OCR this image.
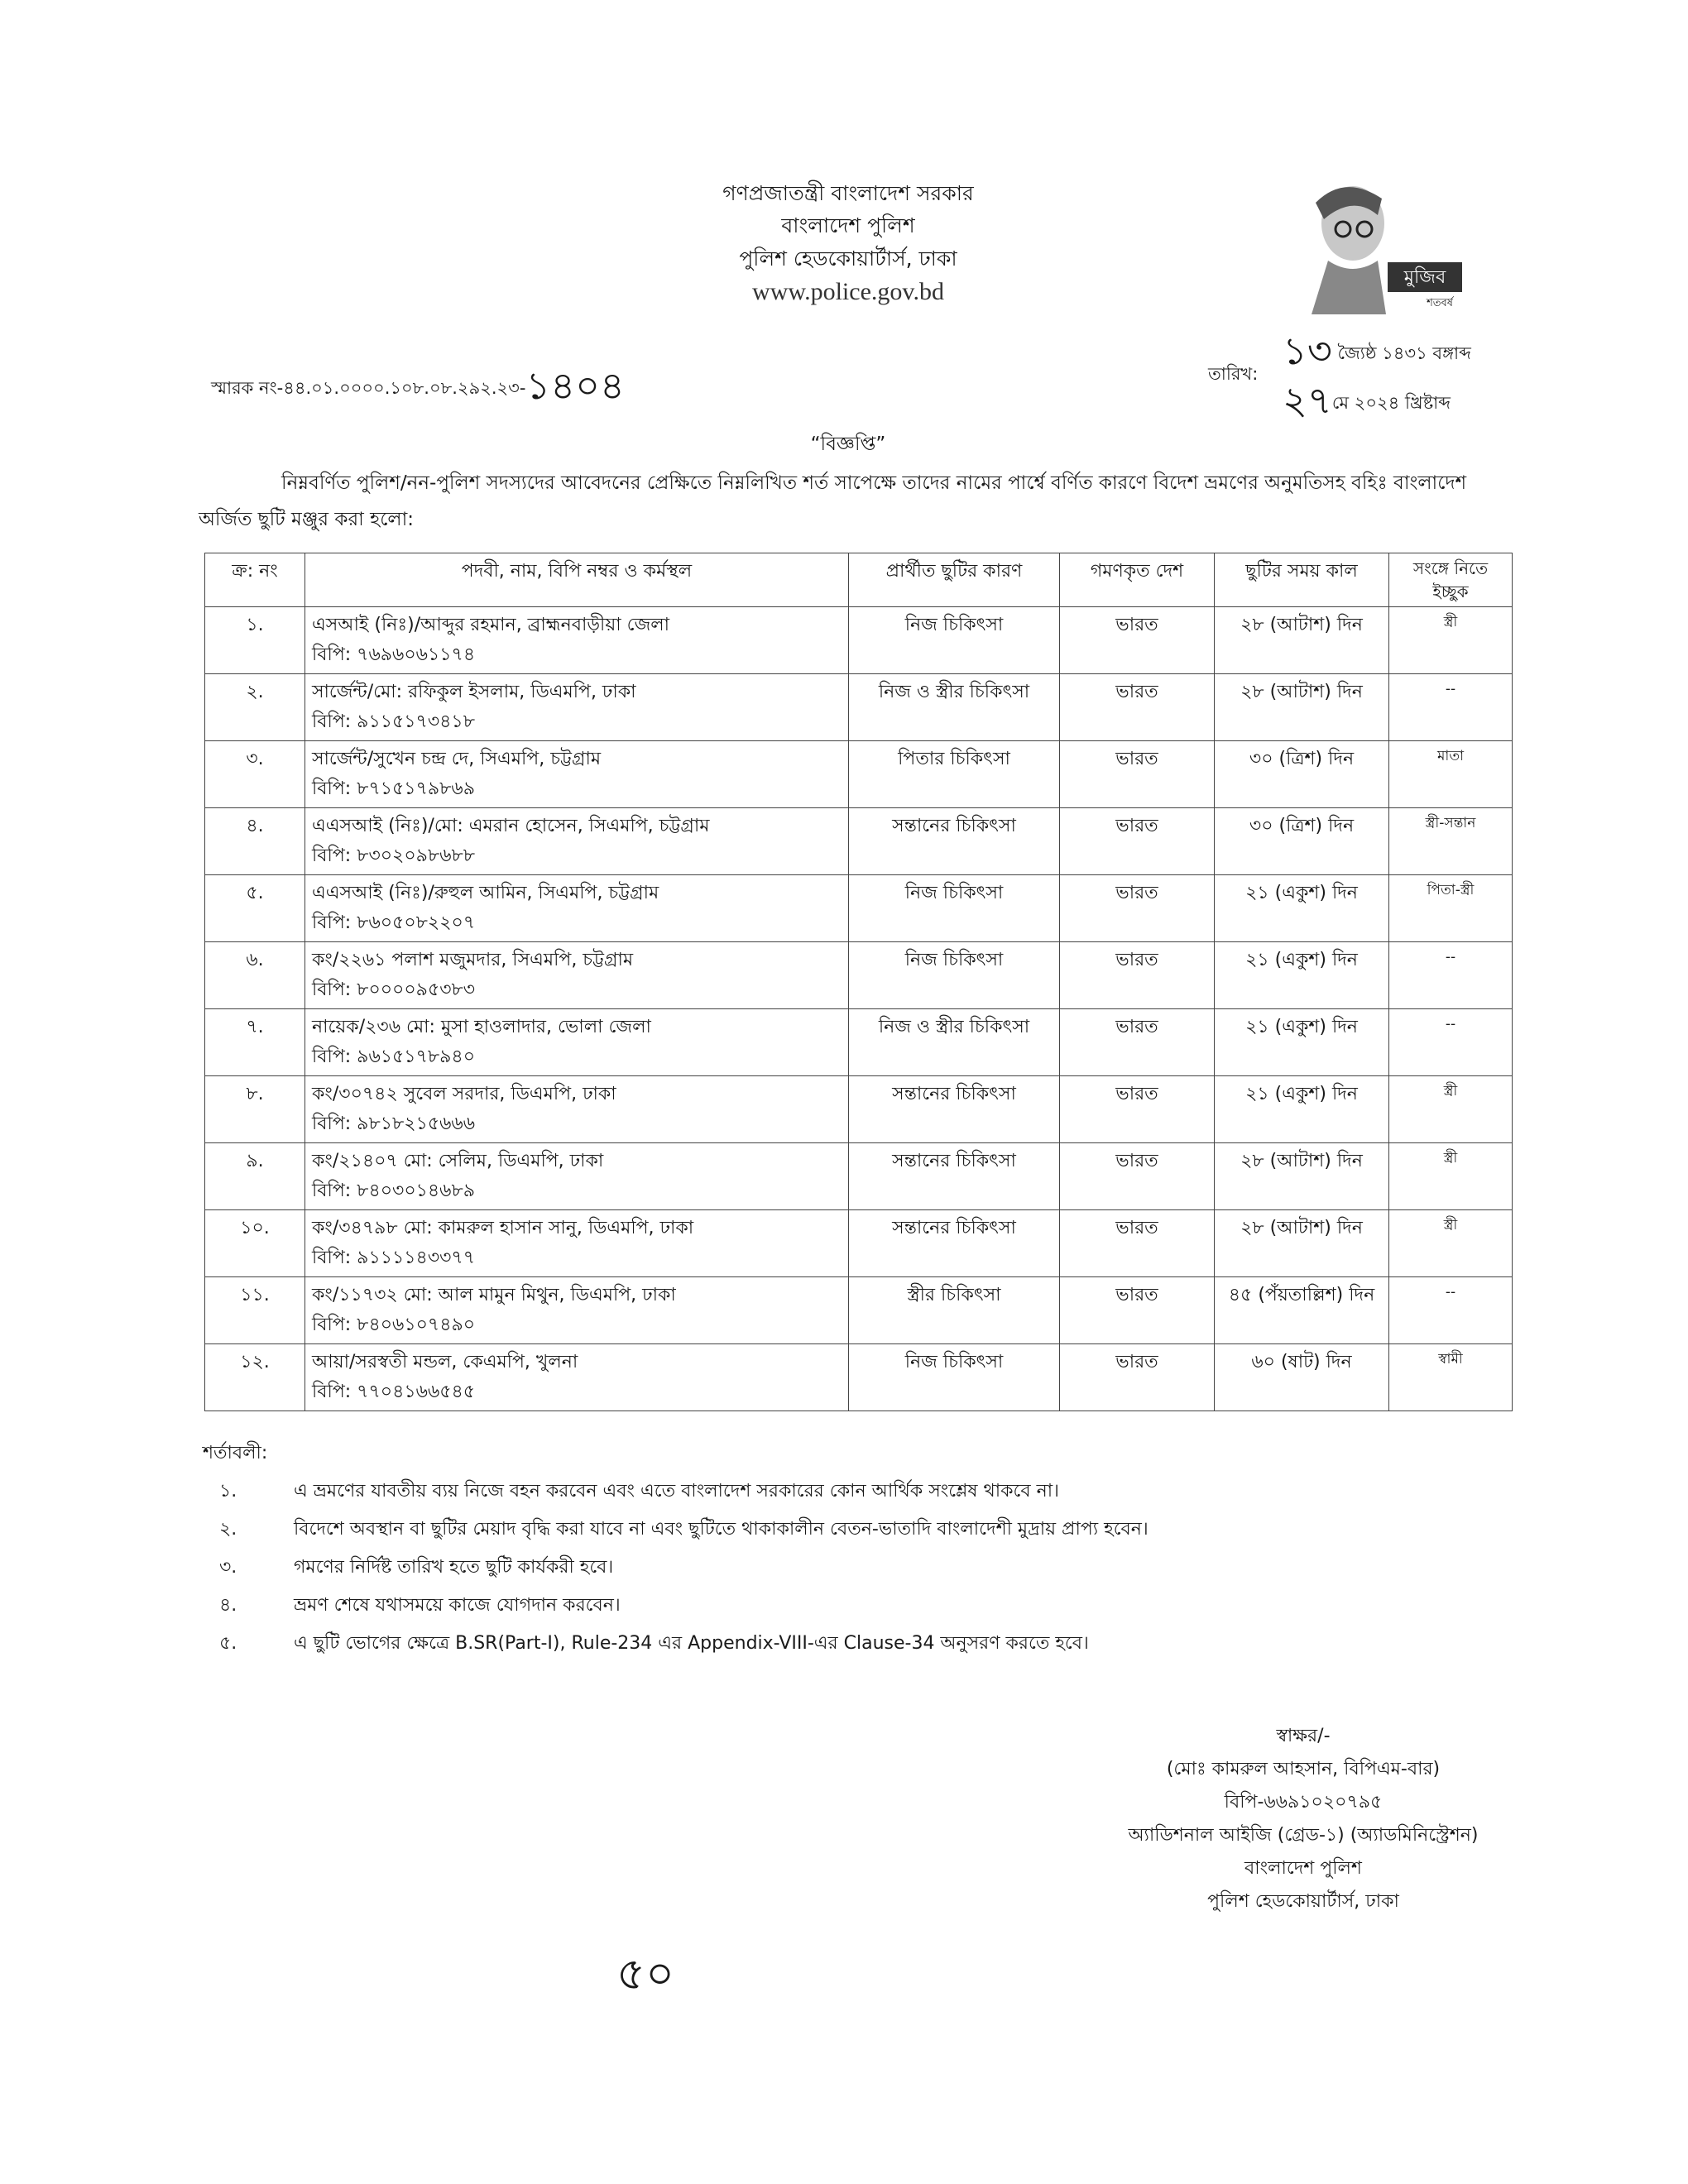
গণপ্রজাতন্ত্রী বাংলাদেশ সরকার
বাংলাদেশ পুলিশ
পুলিশ হেডকোয়ার্টার্স, ঢাকা
www.police.gov.bd
মুজিব
শতবর্ষ
স্মারক নং-৪৪.০১.০০০০.১০৮.০৮.২৯২.২৩-১৪০৪	তারিখ:
১৩ জ্যৈষ্ঠ ১৪৩১ বঙ্গাব্দ
২৭মে ২০২৪ খ্রিষ্টাব্দ
“বিজ্ঞপ্তি”
নিম্নবর্ণিত পুলিশ/নন-পুলিশ সদস্যদের আবেদনের প্রেক্ষিতে নিম্নলিখিত শর্ত সাপেক্ষে তাদের নামের পার্শ্বে বর্ণিত কারণে বিদেশ ভ্রমণের অনুমতিসহ বহিঃ বাংলাদেশ অর্জিত ছুটি মঞ্জুর করা হলো:
ক্র: নং	পদবী, নাম, বিপি নম্বর ও কর্মস্থল	প্রার্থীত ছুটির কারণ	গমণকৃত দেশ	ছুটির সময় কাল	সংঙ্গে নিতে ইচ্ছুক
১.	এসআই (নিঃ)/আব্দুর রহমান, ব্রাহ্মনবাড়ীয়া জেলা
বিপি: ৭৬৯৬০৬১১৭৪	নিজ চিকিৎসা	ভারত	২৮ (আটাশ) দিন	স্ত্রী
২.	সার্জেন্ট/মো: রফিকুল ইসলাম, ডিএমপি, ঢাকা
বিপি: ৯১১৫১৭৩৪১৮	নিজ ও স্ত্রীর চিকিৎসা	ভারত	২৮ (আটাশ) দিন	--
৩.	সার্জেন্ট/সুখেন চন্দ্র দে, সিএমপি, চট্টগ্রাম
বিপি: ৮৭১৫১৭৯৮৬৯	পিতার চিকিৎসা	ভারত	৩০ (ত্রিশ) দিন	মাতা
৪.	এএসআই (নিঃ)/মো: এমরান হোসেন, সিএমপি, চট্টগ্রাম
বিপি: ৮৩০২০৯৮৬৮৮	সন্তানের চিকিৎসা	ভারত	৩০ (ত্রিশ) দিন	স্ত্রী-সন্তান
৫.	এএসআই (নিঃ)/রুহুল আমিন, সিএমপি, চট্টগ্রাম
বিপি: ৮৬০৫০৮২২০৭	নিজ চিকিৎসা	ভারত	২১ (একুশ) দিন	পিতা-স্ত্রী
৬.	কং/২২৬১ পলাশ মজুমদার, সিএমপি, চট্টগ্রাম
বিপি: ৮০০০০৯৫৩৮৩	নিজ চিকিৎসা	ভারত	২১ (একুশ) দিন	--
৭.	নায়েক/২৩৬ মো: মুসা হাওলাদার, ভোলা জেলা
বিপি: ৯৬১৫১৭৮৯৪০	নিজ ও স্ত্রীর চিকিৎসা	ভারত	২১ (একুশ) দিন	--
৮.	কং/৩০৭৪২ সুবেল সরদার, ডিএমপি, ঢাকা
বিপি: ৯৮১৮২১৫৬৬৬	সন্তানের চিকিৎসা	ভারত	২১ (একুশ) দিন	স্ত্রী
৯.	কং/২১৪০৭ মো: সেলিম, ডিএমপি, ঢাকা
বিপি: ৮৪০৩০১৪৬৮৯	সন্তানের চিকিৎসা	ভারত	২৮ (আটাশ) দিন	স্ত্রী
১০.	কং/৩৪৭৯৮ মো: কামরুল হাসান সানু, ডিএমপি, ঢাকা
বিপি: ৯১১১১৪৩৩৭৭	সন্তানের চিকিৎসা	ভারত	২৮ (আটাশ) দিন	স্ত্রী
১১.	কং/১১৭৩২ মো: আল মামুন মিথুন, ডিএমপি, ঢাকা
বিপি: ৮৪০৬১০৭৪৯০	স্ত্রীর চিকিৎসা	ভারত	৪৫ (পঁয়তাল্লিশ) দিন	--
১২.	আয়া/সরস্বতী মন্ডল, কেএমপি, খুলনা
বিপি: ৭৭০৪১৬৬৫৪৫	নিজ চিকিৎসা	ভারত	৬০ (ষাট) দিন	স্বামী
শর্তাবলী:
১.	এ ভ্রমণের যাবতীয় ব্যয় নিজে বহন করবেন এবং এতে বাংলাদেশ সরকারের কোন আর্থিক সংশ্লেষ থাকবে না।
২.	বিদেশে অবস্থান বা ছুটির মেয়াদ বৃদ্ধি করা যাবে না এবং ছুটিতে থাকাকালীন বেতন-ভাতাদি বাংলাদেশী মুদ্রায় প্রাপ্য হবেন।
৩.	গমণের নির্দিষ্ট তারিখ হতে ছুটি কার্যকরী হবে।
৪.	ভ্রমণ শেষে যথাসময়ে কাজে যোগদান করবেন।
৫.	এ ছুটি ভোগের ক্ষেত্রে B.SR(Part-I), Rule-234 এর Appendix-VIII-এর Clause-34 অনুসরণ করতে হবে।
স্বাক্ষর/-
(মোঃ কামরুল আহসান, বিপিএম-বার)
বিপি-৬৬৯১০২০৭৯৫
অ্যাডিশনাল আইজি (গ্রেড-১) (অ্যাডমিনিস্ট্রেশন)
বাংলাদেশ পুলিশ
পুলিশ হেডকোয়ার্টার্স, ঢাকা
৫০
